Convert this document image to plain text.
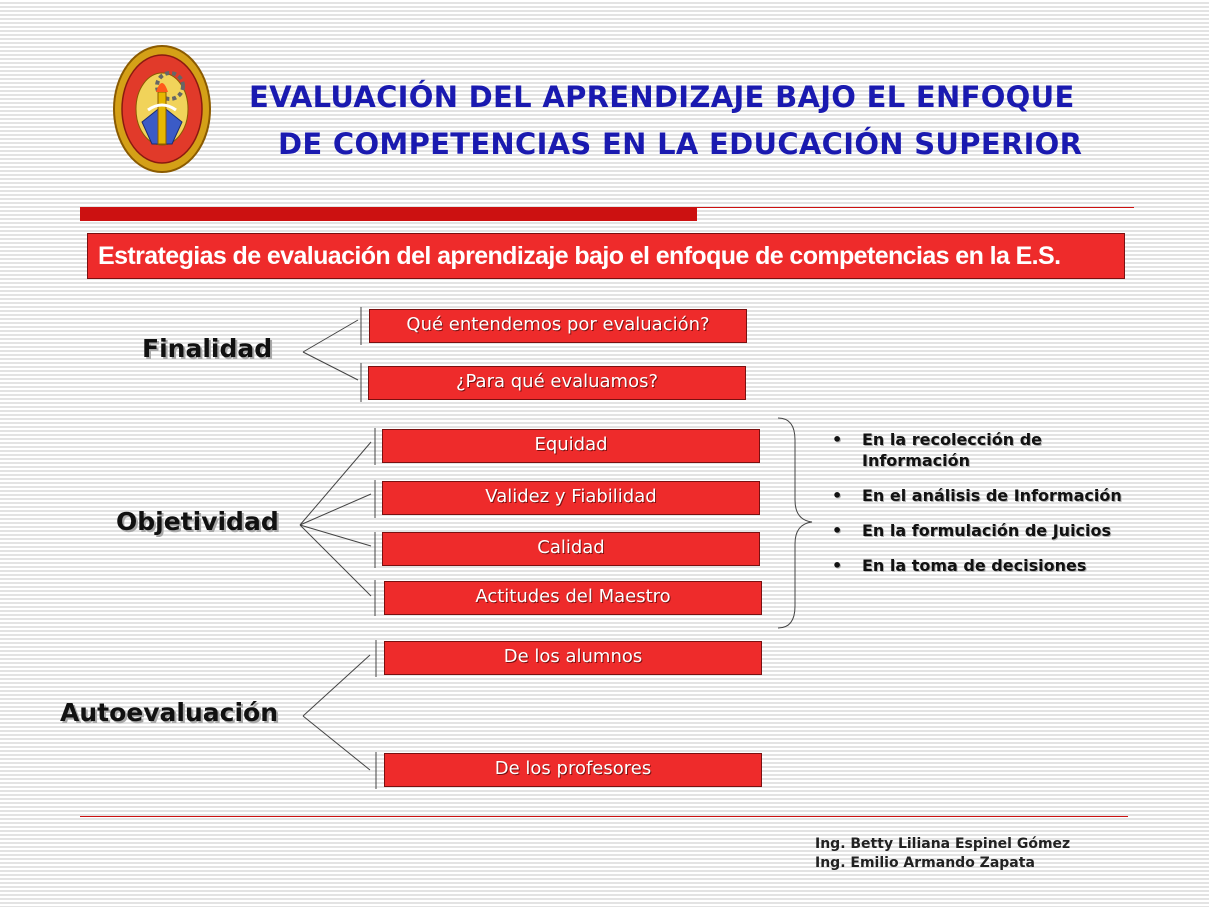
EVALUACIÓN DEL APRENDIZAJE BAJO EL ENFOQUE
DE COMPETENCIAS EN LA EDUCACIÓN SUPERIOR
Estrategias de evaluación del aprendizaje bajo el enfoque de competencias en la E.S.
Finalidad
Objetividad
Autoevaluación
Qué entendemos por evaluación?
¿Para qué evaluamos?
Equidad
Validez y Fiabilidad
Calidad
Actitudes del Maestro
De los alumnos
De los profesores
• En la recolección de Información
• En el análisis de Información
• En la formulación de Juicios
• En la toma de decisiones
Ing. Betty Liliana Espinel Gómez
Ing. Emilio Armando Zapata
